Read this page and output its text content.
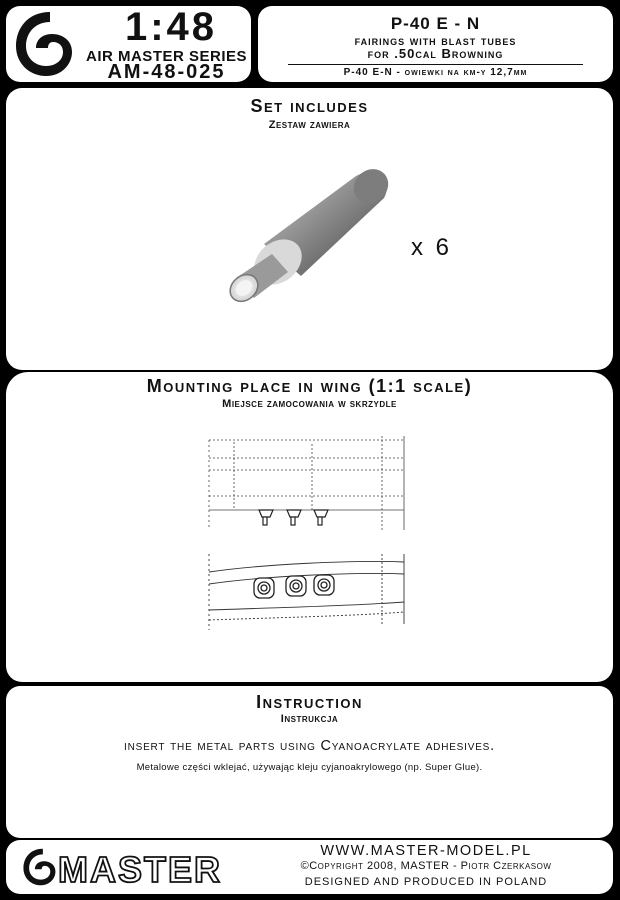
1:48
AIR MASTER SERIES
AM-48-025
P-40 E - N
fairings with blast tubes
for .50cal Browning
P-40 E-N - owiewki na km-y 12,7mm
Set includes
Zestaw zawiera
x 6
Mounting place in wing (1:1 scale)
Miejsce zamocowania w skrzydle
Instruction
Instrukcja
insert the metal parts using Cyanoacrylate adhesives.
Metalowe części wklejać, używając kleju cyjanoakrylowego (np. Super Glue).
MASTER	WWW.MASTER-MODEL.PL
©Copyright 2008, MASTER - Piotr Czerkasow
DESIGNED AND PRODUCED IN POLAND
